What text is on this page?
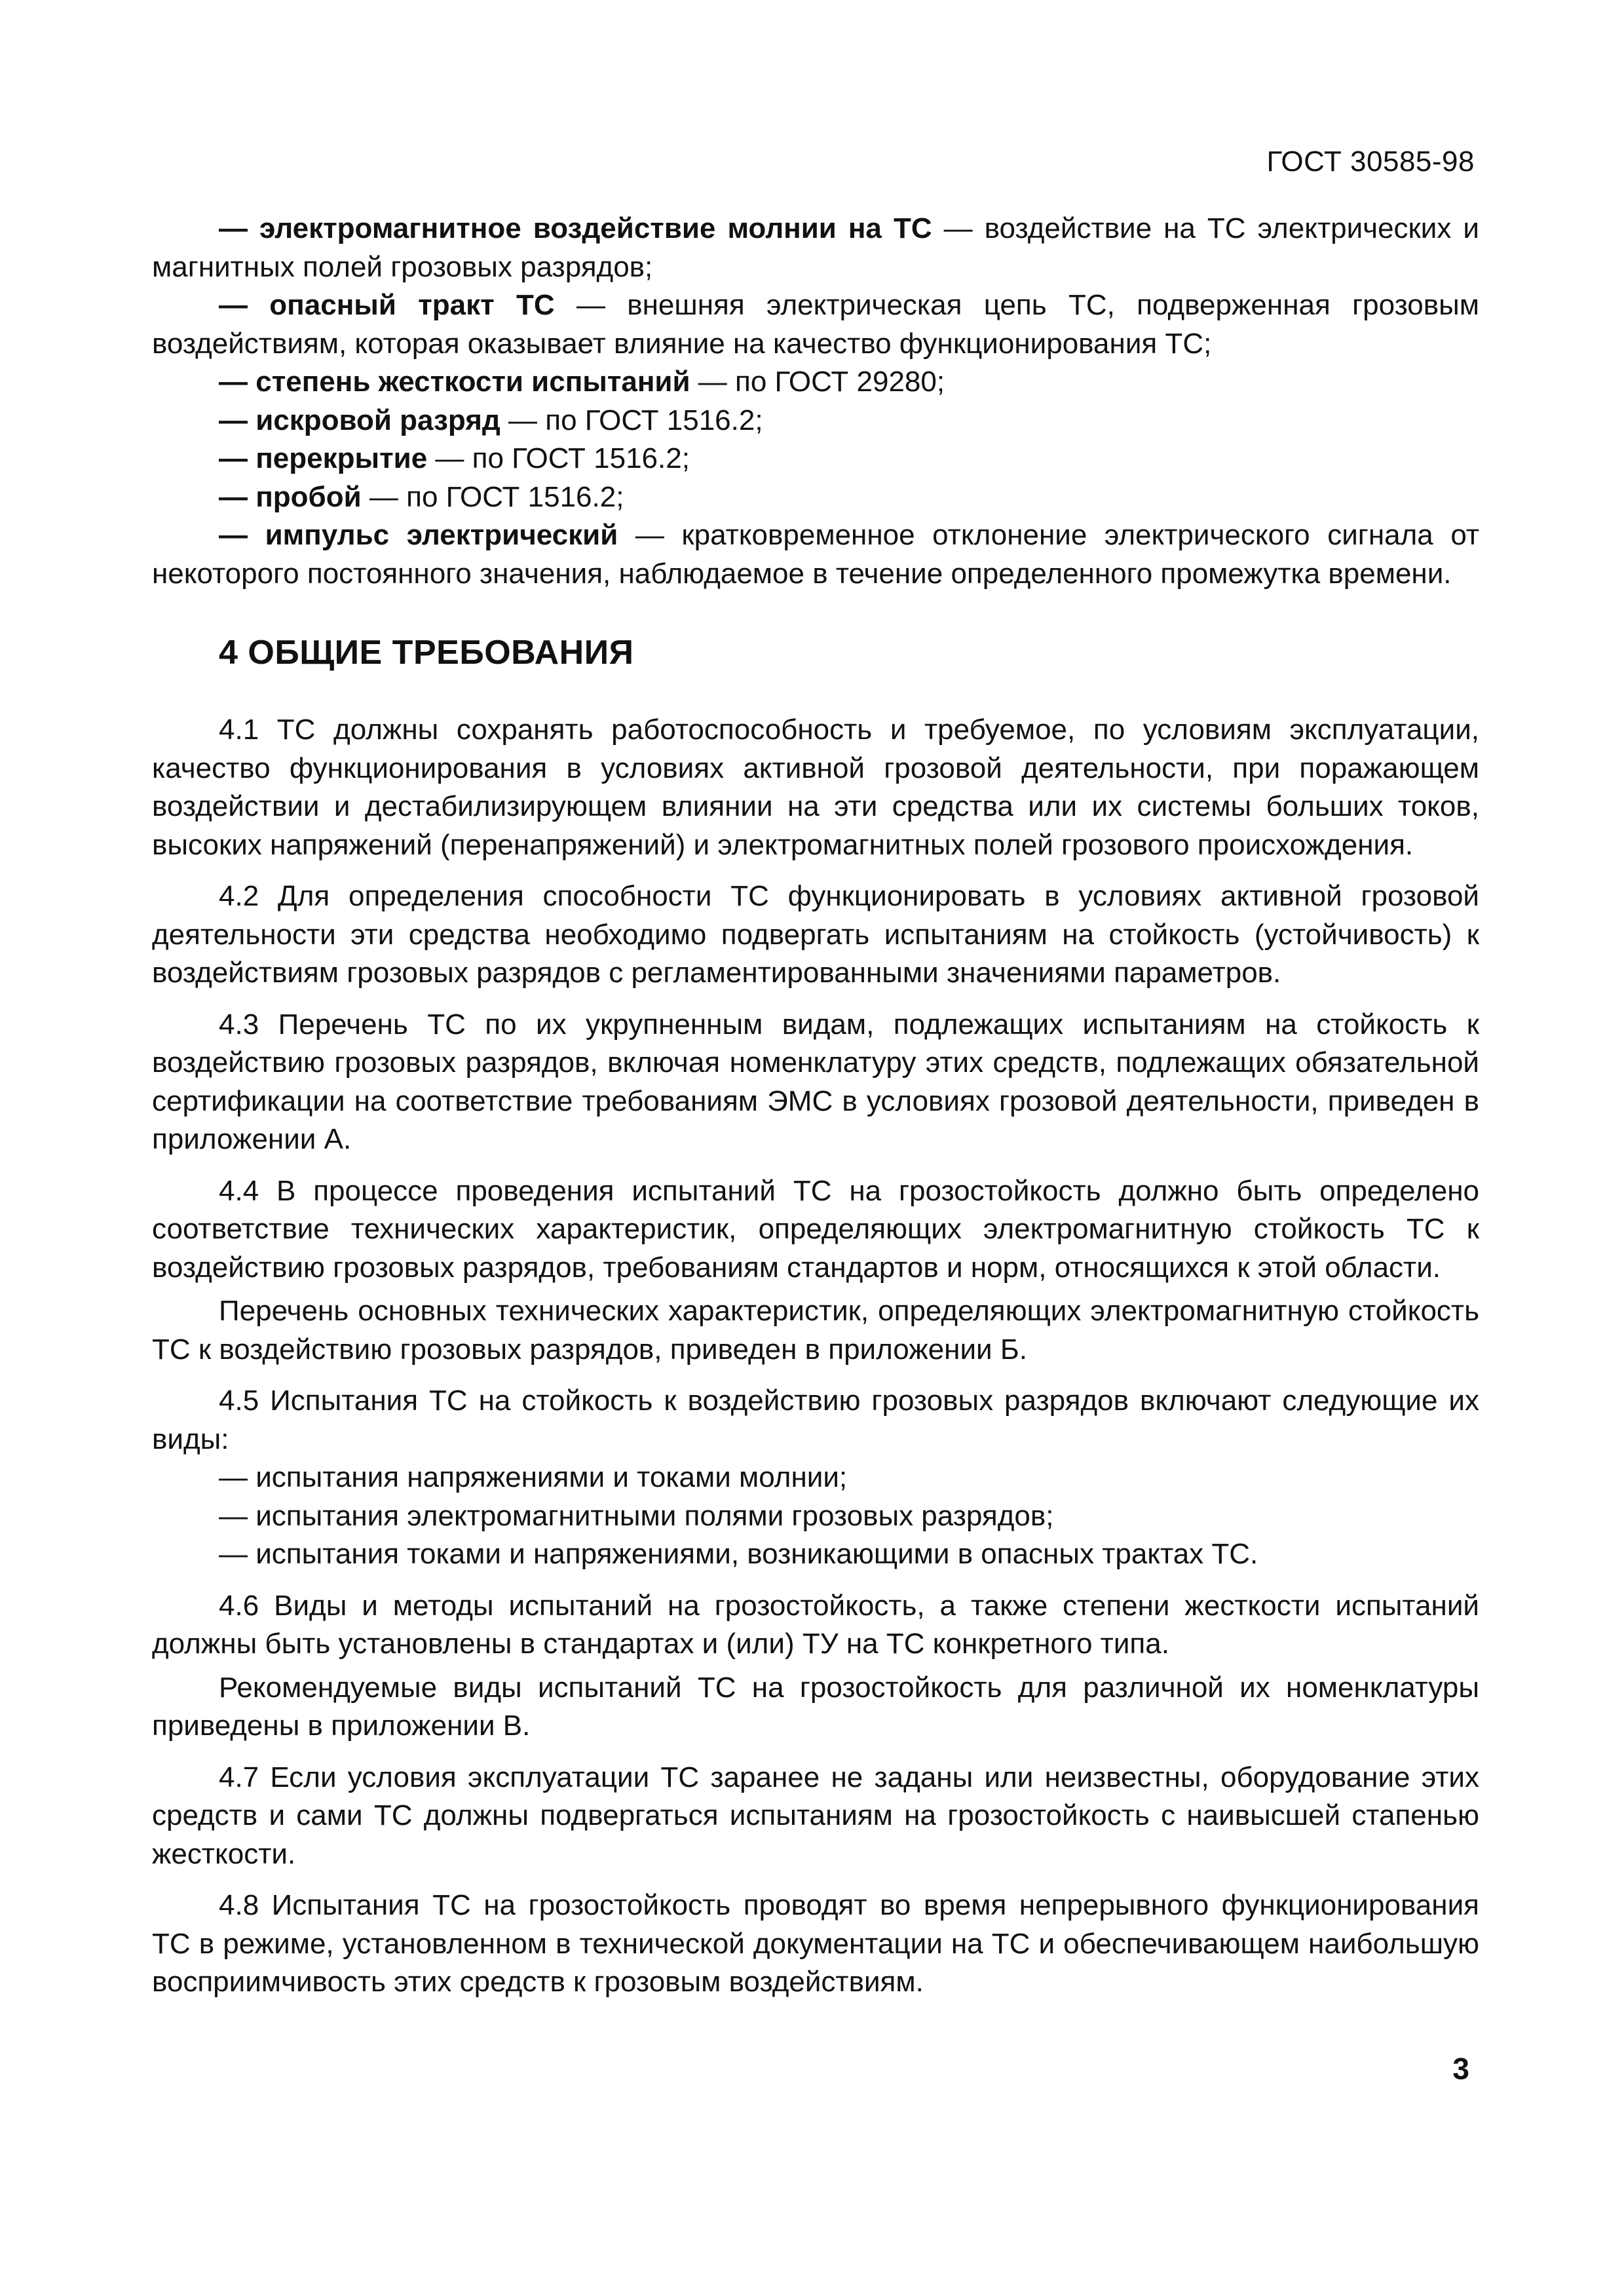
ГОСТ 30585-98

— электромагнитное воздействие молнии на ТС — воздействие на ТС электрических и магнитных полей грозовых разрядов;

— опасный тракт ТС — внешняя электрическая цепь ТС, подверженная грозовым воздействиям, которая оказывает влияние на качество функционирования ТС;

— степень жесткости испытаний — по ГОСТ 29280;

— искровой разряд — по ГОСТ 1516.2;

— перекрытие — по ГОСТ 1516.2;

— пробой — по ГОСТ 1516.2;

— импульс электрический — кратковременное отклонение электрического сигнала от некоторого постоянного значения, наблюдаемое в течение определенного промежутка времени.

4 ОБЩИЕ ТРЕБОВАНИЯ

4.1 ТС должны сохранять работоспособность и требуемое, по условиям эксплуатации, качество функционирования в условиях активной грозовой деятельности, при поражающем воздействии и дестабилизирующем влиянии на эти средства или их системы больших токов, высоких напряжений (перенапряжений) и электромагнитных полей грозового происхождения.

4.2 Для определения способности ТС функционировать в условиях активной грозовой деятельности эти средства необходимо подвергать испытаниям на стойкость (устойчивость) к воздействиям грозовых разрядов с регламентированными значениями параметров.

4.3 Перечень ТС по их укрупненным видам, подлежащих испытаниям на стойкость к воздействию грозовых разрядов, включая номенклатуру этих средств, подлежащих обязательной сертификации на соответствие требованиям ЭМС в условиях грозовой деятельности, приведен в приложении А.

4.4 В процессе проведения испытаний ТС на грозостойкость должно быть определено соответствие технических характеристик, определяющих электромагнитную стойкость ТС к воздействию грозовых разрядов, требованиям стандартов и норм, относящихся к этой области.

Перечень основных технических характеристик, определяющих электромагнитную стойкость ТС к воздействию грозовых разрядов, приведен в приложении Б.

4.5 Испытания ТС на стойкость к воздействию грозовых разрядов включают следующие их виды:

— испытания напряжениями и токами молнии;

— испытания электромагнитными полями грозовых разрядов;

— испытания токами и напряжениями, возникающими в опасных трактах ТС.

4.6 Виды и методы испытаний на грозостойкость, а также степени жесткости испытаний должны быть установлены в стандартах и (или) ТУ на ТС конкретного типа.

Рекомендуемые виды испытаний ТС на грозостойкость для различной их номенклатуры приведены в приложении В.

4.7 Если условия эксплуатации ТС заранее не заданы или неизвестны, оборудование этих средств и сами ТС должны подвергаться испытаниям на грозостойкость с наивысшей стапенью жесткости.

4.8 Испытания ТС на грозостойкость проводят во время непрерывного функционирования ТС в режиме, установленном в технической документации на ТС и обеспечивающем наибольшую восприимчивость этих средств к грозовым воздействиям.

3
